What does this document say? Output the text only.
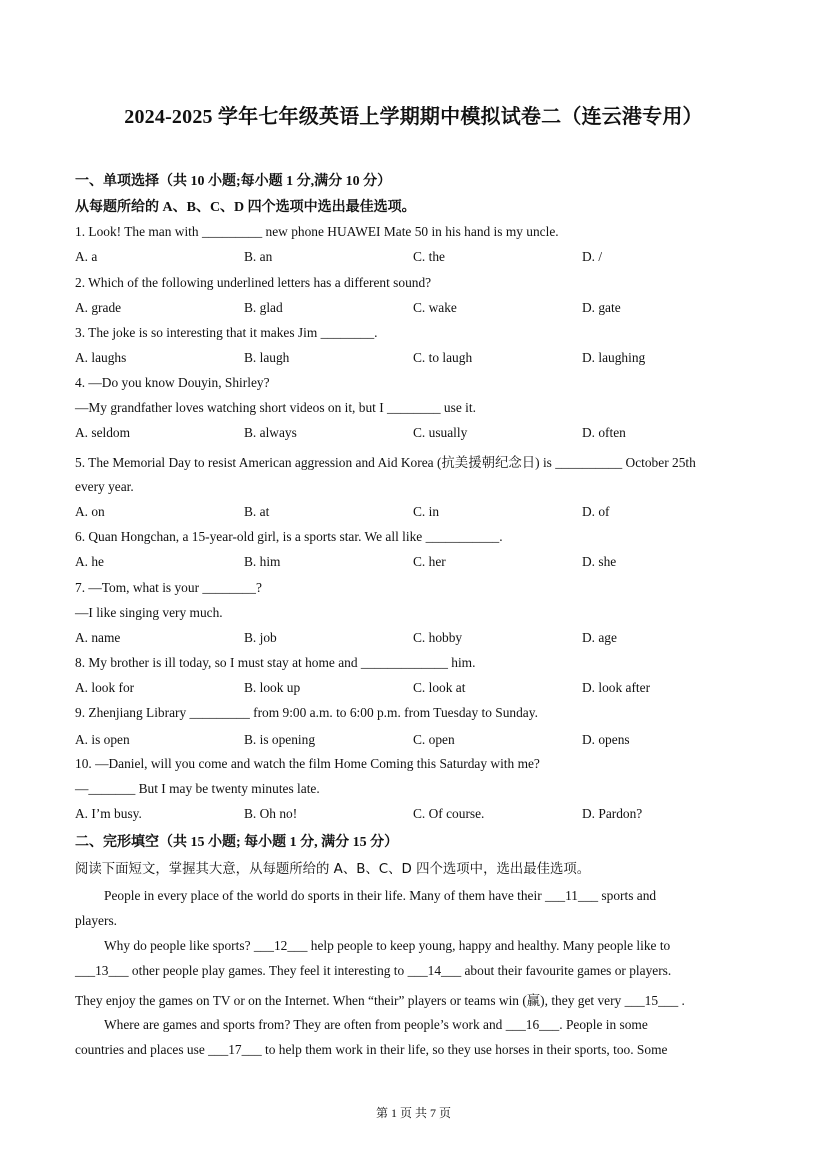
2024-2025 学年七年级英语上学期期中模拟试卷二（连云港专用）
一、单项选择（共 10 小题;每小题 1 分,满分 10 分）
从每题所给的 A、B、C、D 四个选项中选出最佳选项。
1. Look! The man with _________ new phone HUAWEI Mate 50 in his hand is my uncle.
A. a	B. an	C. the	D. /
2. Which of the following underlined letters has a different sound?
A. grade	B. glad	C. wake	D. gate
3. The joke is so interesting that it makes Jim ________.
A. laughs	B. laugh	C. to laugh	D. laughing
4. —Do you know Douyin, Shirley?
—My grandfather loves watching short videos on it, but I ________ use it.
A. seldom	B. always	C. usually	D. often
5. The Memorial Day to resist American aggression and Aid Korea (抗美援朝纪念日) is __________ October 25th
every year.
A. on	B. at	C. in	D. of
6. Quan Hongchan, a 15-year-old girl, is a sports star. We all like ___________.
A. he	B. him	C. her	D. she
7. —Tom, what is your ________?
—I like singing very much.
A. name	B. job	C. hobby	D. age
8. My brother is ill today, so I must stay at home and _____________ him.
A. look for	B. look up	C. look at	D. look after
9. Zhenjiang Library _________ from 9:00 a.m. to 6:00 p.m. from Tuesday to Sunday.
A. is open	B. is opening	C. open	D. opens
10. —Daniel, will you come and watch the film Home Coming this Saturday with me?
—_______ But I may be twenty minutes late.
A. I’m busy.	B. Oh no!	C. Of course.	D. Pardon?
二、完形填空（共 15 小题; 每小题 1 分, 满分 15 分）
阅读下面短文，掌握其大意，从每题所给的 A、B、C、D 四个选项中，选出最佳选项。
People in every place of the world do sports in their life. Many of them have their ___11___ sports and
players.
Why do people like sports? ___12___ help people to keep young, happy and healthy. Many people like to
___13___ other people play games. They feel it interesting to ___14___ about their favourite games or players.
They enjoy the games on TV or on the Internet. When “their” players or teams win (赢), they get very ___15___ .
Where are games and sports from? They are often from people’s work and ___16___. People in some
countries and places use ___17___ to help them work in their life, so they use horses in their sports, too. Some
第 1 页 共 7 页
